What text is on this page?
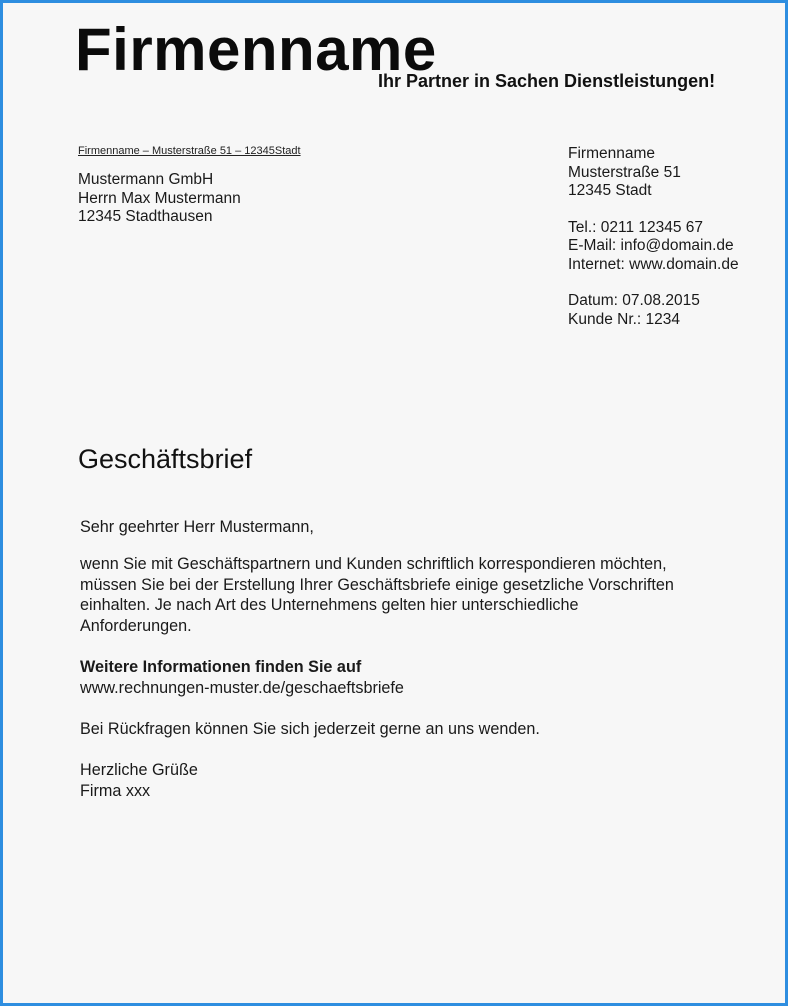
Firmenname
Ihr Partner in Sachen Dienstleistungen!
Firmenname – Musterstraße 51 – 12345Stadt
Mustermann GmbH
Herrn Max Mustermann
12345 Stadthausen
Firmenname
Musterstraße 51
12345 Stadt
Tel.: 0211 12345 67
E-Mail: info@domain.de
Internet: www.domain.de
Datum: 07.08.2015
Kunde Nr.: 1234
Geschäftsbrief
Sehr geehrter Herr Mustermann,
wenn Sie mit Geschäftspartnern und Kunden schriftlich korrespondieren möchten,
müssen Sie bei der Erstellung Ihrer Geschäftsbriefe einige gesetzliche Vorschriften
einhalten. Je nach Art des Unternehmens gelten hier unterschiedliche
Anforderungen.
Weitere Informationen finden Sie auf
www.rechnungen-muster.de/geschaeftsbriefe
Bei Rückfragen können Sie sich jederzeit gerne an uns wenden.
Herzliche Grüße
Firma xxx
